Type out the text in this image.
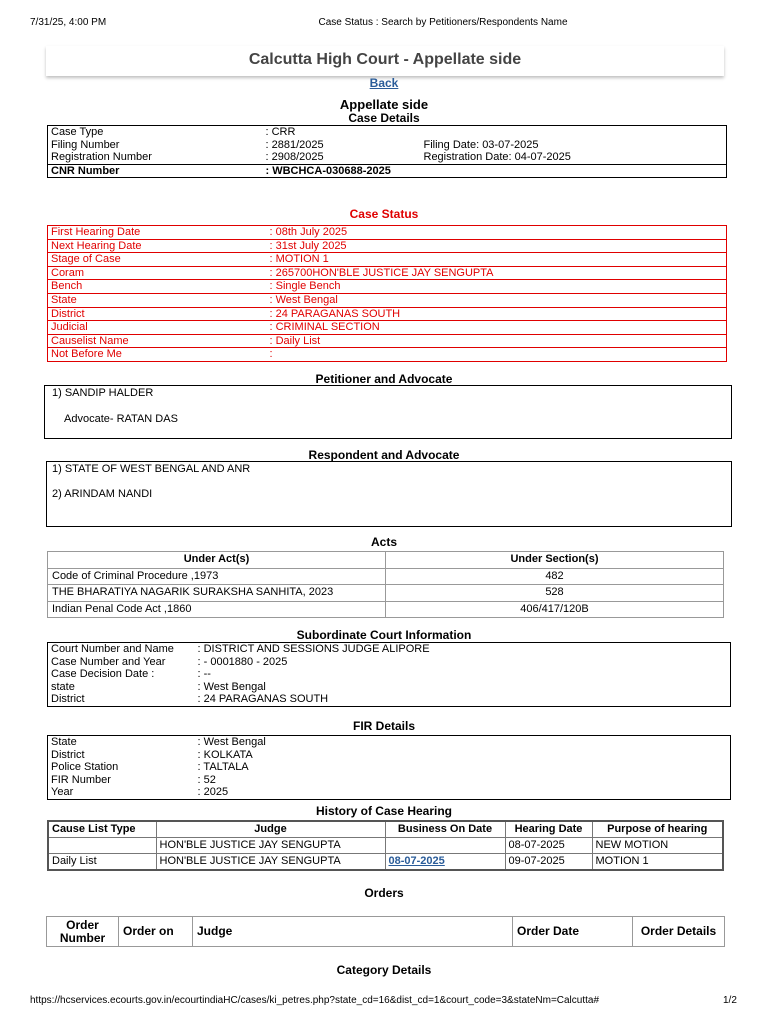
7/31/25, 4:00 PM	Case Status : Search by Petitioners/Respondents Name
Calcutta High Court - Appellate side
Back
Appellate side
Case Details
Case Type	: CRR	
Filing Number	: 2881/2025	Filing Date: 03-07-2025
Registration Number	: 2908/2025	Registration Date: 04-07-2025
CNR Number	: WBCHCA-030688-2025	
Case Status
First Hearing Date	: 08th July 2025
Next Hearing Date	: 31st July 2025
Stage of Case	: MOTION 1
Coram	: 265700HON'BLE JUSTICE JAY SENGUPTA
Bench	: Single Bench
State	: West Bengal
District	: 24 PARAGANAS SOUTH
Judicial	: CRIMINAL SECTION
Causelist Name	: Daily List
Not Before Me	:
Petitioner and Advocate
1) SANDIP HALDER
Advocate- RATAN DAS
Respondent and Advocate
1) STATE OF WEST BENGAL AND ANR
2) ARINDAM NANDI
Acts
Under Act(s)	Under Section(s)
Code of Criminal Procedure ,1973	482
THE BHARATIYA NAGARIK SURAKSHA SANHITA, 2023	528
Indian Penal Code Act ,1860	406/417/120B
Subordinate Court Information
Court Number and Name	: DISTRICT AND SESSIONS JUDGE ALIPORE
Case Number and Year	: - 0001880 - 2025
Case Decision Date :	: --
state	: West Bengal
District	: 24 PARAGANAS SOUTH
FIR Details
State	: West Bengal
District	: KOLKATA
Police Station	: TALTALA
FIR Number	: 52
Year	: 2025
History of Case Hearing
Cause List Type	Judge	Business On Date	Hearing Date	Purpose of hearing
	HON'BLE JUSTICE JAY SENGUPTA		08-07-2025	NEW MOTION
Daily List	HON'BLE JUSTICE JAY SENGUPTA	08-07-2025	09-07-2025	MOTION 1
Orders
Order Number	Order on	Judge	Order Date	Order Details
Category Details
https://hcservices.ecourts.gov.in/ecourtindiaHC/cases/ki_petres.php?state_cd=16&dist_cd=1&court_code=3&stateNm=Calcutta#	1/2
